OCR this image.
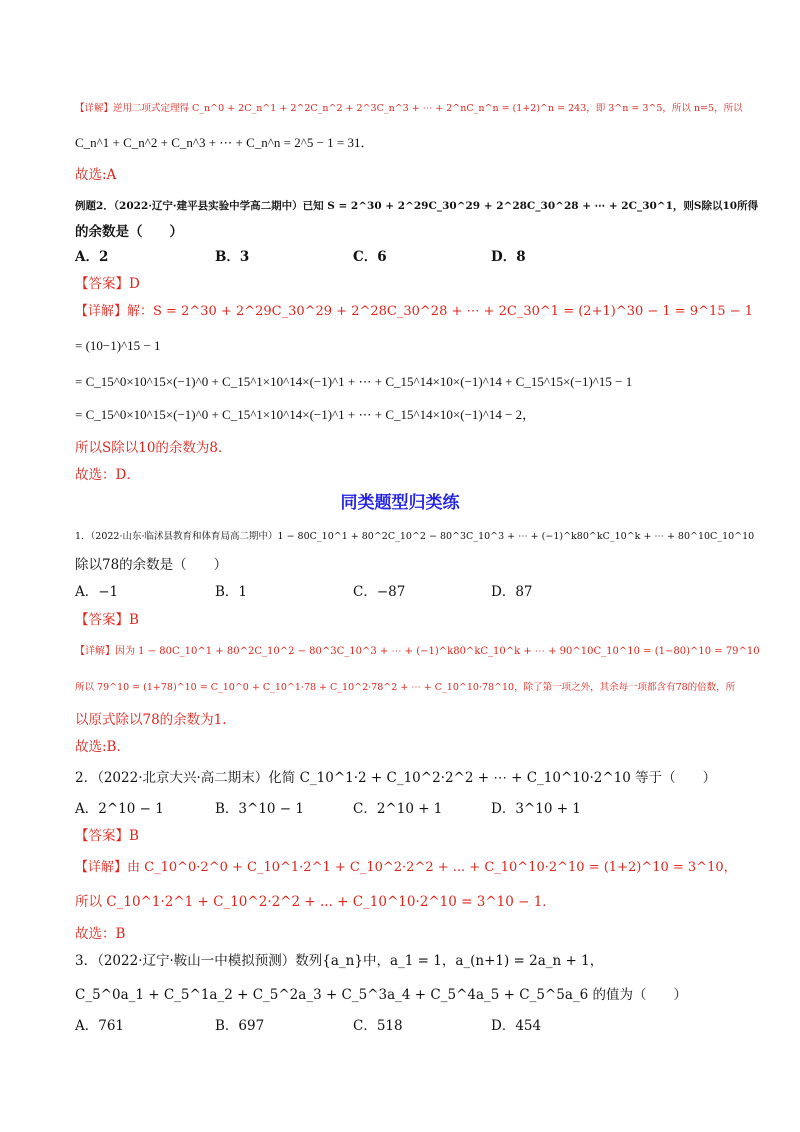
【详解】逆用二项式定理得 C_n^0 + 2C_n^1 + 2^2C_n^2 + 2^3C_n^3 + ⋯ + 2^nC_n^n = (1+2)^n = 243，即 3^n = 3^5，所以 n=5，所以
C_n^1 + C_n^2 + C_n^3 + ⋯ + C_n^n = 2^5 − 1 = 31．
故选:A
例题2．（2022·辽宁·建平县实验中学高二期中）已知 S = 2^30 + 2^29C_30^29 + 2^28C_30^28 + ⋯ + 2C_30^1，则S除以10所得
的余数是（　　）
A．2	B．3	C．6	D．8
【答案】D
【详解】解：S = 2^30 + 2^29C_30^29 + 2^28C_30^28 + ⋯ + 2C_30^1 = (2+1)^30 − 1 = 9^15 − 1
= (10−1)^15 − 1
= C_15^0×10^15×(−1)^0 + C_15^1×10^14×(−1)^1 + ⋯ + C_15^14×10×(−1)^14 + C_15^15×(−1)^15 − 1
= C_15^0×10^15×(−1)^0 + C_15^1×10^14×(−1)^1 + ⋯ + C_15^14×10×(−1)^14 − 2，
所以S除以10的余数为8．
故选：D．
同类题型归类练
1．（2022·山东·临沭县教育和体育局高二期中）1 − 80C_10^1 + 80^2C_10^2 − 80^3C_10^3 + ⋯ + (−1)^k80^kC_10^k + ⋯ + 80^10C_10^10
除以78的余数是（　　）
A．−1	B．1	C．−87	D．87
【答案】B
【详解】因为 1 − 80C_10^1 + 80^2C_10^2 − 80^3C_10^3 + ⋯ + (−1)^k80^kC_10^k + ⋯ + 90^10C_10^10 = (1−80)^10 = 79^10
所以 79^10 = (1+78)^10 = C_10^0 + C_10^1·78 + C_10^2·78^2 + ⋯ + C_10^10·78^10，除了第一项之外，其余每一项都含有78的倍数，所
以原式除以78的余数为1.
故选:B．
2．（2022·北京大兴·高二期末）化简 C_10^1·2 + C_10^2·2^2 + ⋯ + C_10^10·2^10 等于（　　）
A．2^10 − 1	B．3^10 − 1	C．2^10 + 1	D．3^10 + 1
【答案】B
【详解】由 C_10^0·2^0 + C_10^1·2^1 + C_10^2·2^2 + ... + C_10^10·2^10 = (1+2)^10 = 3^10，
所以 C_10^1·2^1 + C_10^2·2^2 + ... + C_10^10·2^10 = 3^10 − 1．
故选：B
3．（2022·辽宁·鞍山一中模拟预测）数列{a_n}中，a_1 = 1，a_(n+1) = 2a_n + 1，
C_5^0a_1 + C_5^1a_2 + C_5^2a_3 + C_5^3a_4 + C_5^4a_5 + C_5^5a_6 的值为（　　）
A．761	B．697	C．518	D．454
